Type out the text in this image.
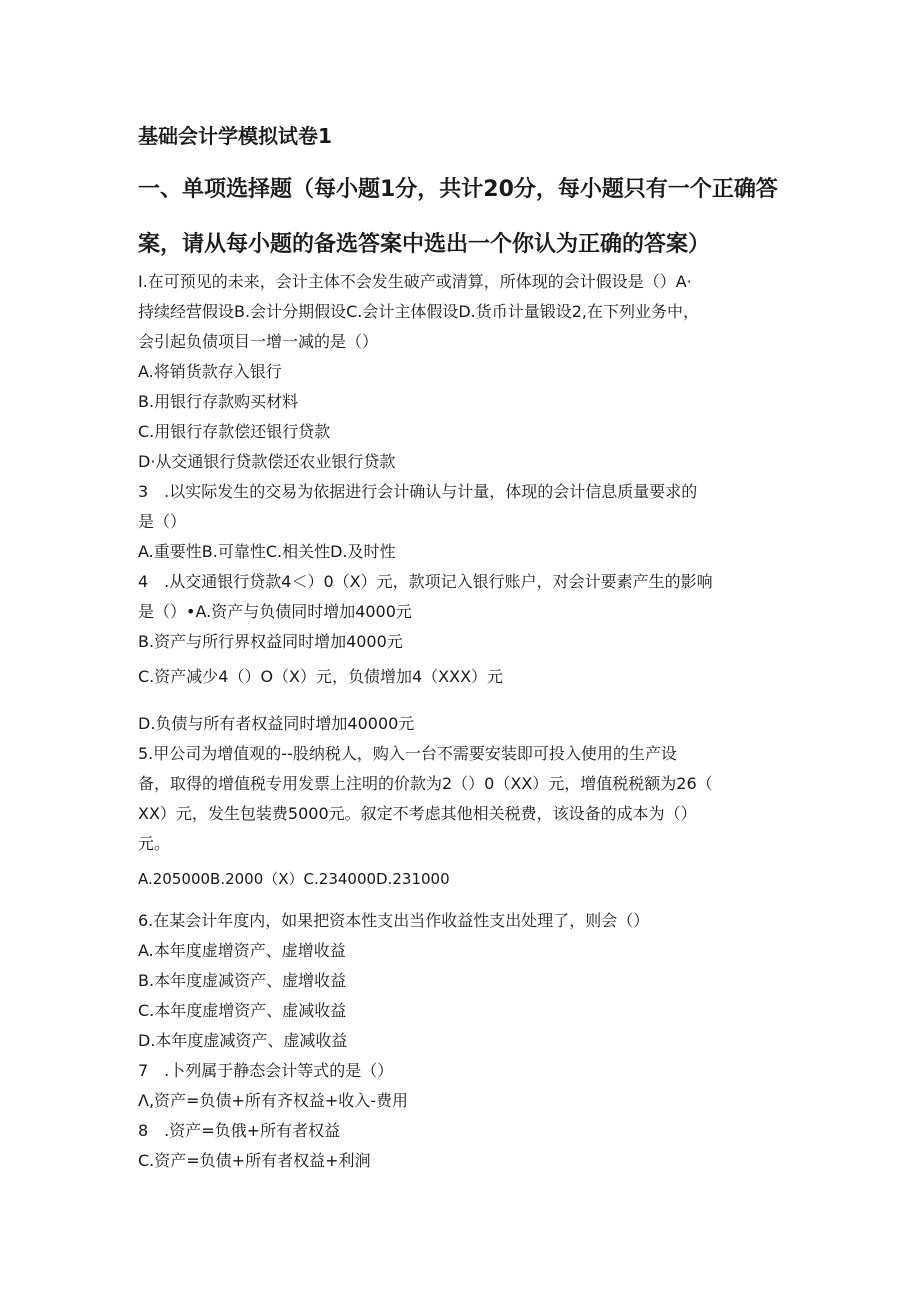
基础会计学模拟试卷1
一、单项选择题（每小题1分，共计20分，每小题只有一个正确答
案，请从每小题的备选答案中选出一个你认为正确的答案）
I.在可预见的未来，会计主体不会发生破产或清算，所体现的会计假设是（）A·
持续经营假设B.会计分期假设C.会计主体假设D.货币计量锻设2,在下列业务中，
会引起负债项目一增一减的是（）
A.将销货款存入银行
B.用银行存款购买材料
C.用银行存款偿还银行贷款
D·从交通银行贷款偿还农业银行贷款
3　.以实际发生的交易为依据进行会计确认与计量，体现的会计信息质量要求的
是（）
A.重要性B.可靠性C.相关性D.及时性
4　.从交通银行贷款4＜）0（X）元，款项记入银行账户，对会计要素产生的影响
是（）•A.资产与负债同时增加4000元
B.资产与所行界权益同时增加4000元
C.资产减少4（）O（X）元，负债增加4（XXX）元
D.负债与所有者权益同时增加40000元
5.甲公司为增值观的--股纳税人，购入一台不需要安装即可投入使用的生产设
备，取得的增值税专用发票上注明的价款为2（）0（XX）元，增值税税额为26（
XX）元，发生包装费5000元。叙定不考虑其他相关税费，该设备的成本为（）
元。
A.205000B.2000（X）C.234000D.231000
6.在某会计年度内，如果把资本性支出当作收益性支出处理了，则会（）
A.本年度虚增资产、虚增收益
B.本年度虚减资产、虚增收益
C.本年度虚增资产、虚减收益
D.本年度虚减资产、虚减收益
7　.卜列属于静态会计等式的是（）
Λ,资产=负债+所有齐权益+收入-费用
8　.资产=负俄+所有者权益
C.资产=负债+所有者权益+利涧
